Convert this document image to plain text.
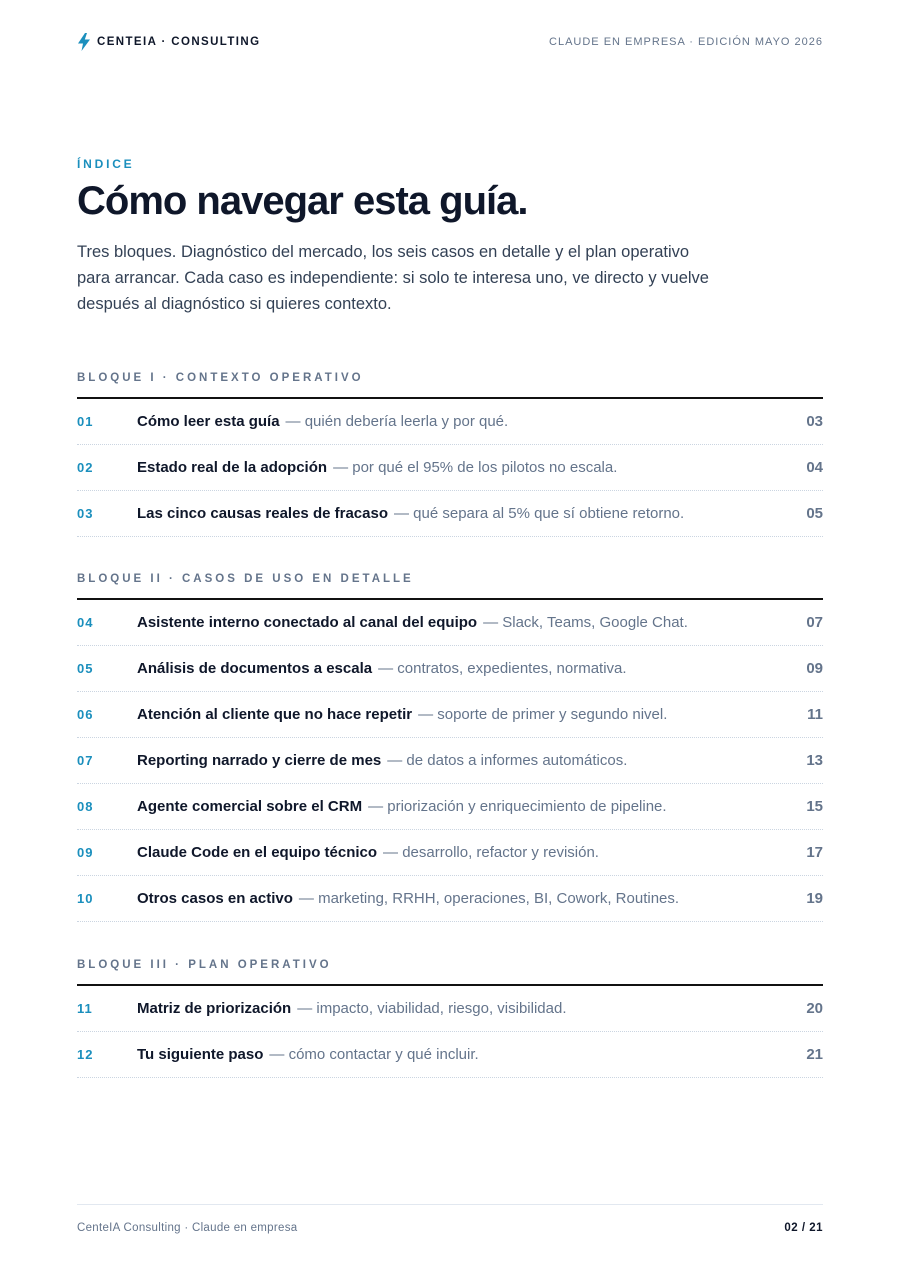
CENTEIA · CONSULTING	CLAUDE EN EMPRESA · EDICIÓN MAYO 2026
ÍNDICE
Cómo navegar esta guía.

Tres bloques. Diagnóstico del mercado, los seis casos en detalle y el plan operativo para arrancar. Cada caso es independiente: si solo te interesa uno, ve directo y vuelve después al diagnóstico si quieres contexto.

BLOQUE I · CONTEXTO OPERATIVO
01	Cómo leer esta guía — quién debería leerla y por qué.	03
02	Estado real de la adopción — por qué el 95% de los pilotos no escala.	04
03	Las cinco causas reales de fracaso — qué separa al 5% que sí obtiene retorno.	05
BLOQUE II · CASOS DE USO EN DETALLE
04	Asistente interno conectado al canal del equipo — Slack, Teams, Google Chat.	07
05	Análisis de documentos a escala — contratos, expedientes, normativa.	09
06	Atención al cliente que no hace repetir — soporte de primer y segundo nivel.	11
07	Reporting narrado y cierre de mes — de datos a informes automáticos.	13
08	Agente comercial sobre el CRM — priorización y enriquecimiento de pipeline.	15
09	Claude Code en el equipo técnico — desarrollo, refactor y revisión.	17
10	Otros casos en activo — marketing, RRHH, operaciones, BI, Cowork, Routines.	19
BLOQUE III · PLAN OPERATIVO
11	Matriz de priorización — impacto, viabilidad, riesgo, visibilidad.	20
12	Tu siguiente paso — cómo contactar y qué incluir.	21
CenteIA Consulting · Claude en empresa	02 / 21
